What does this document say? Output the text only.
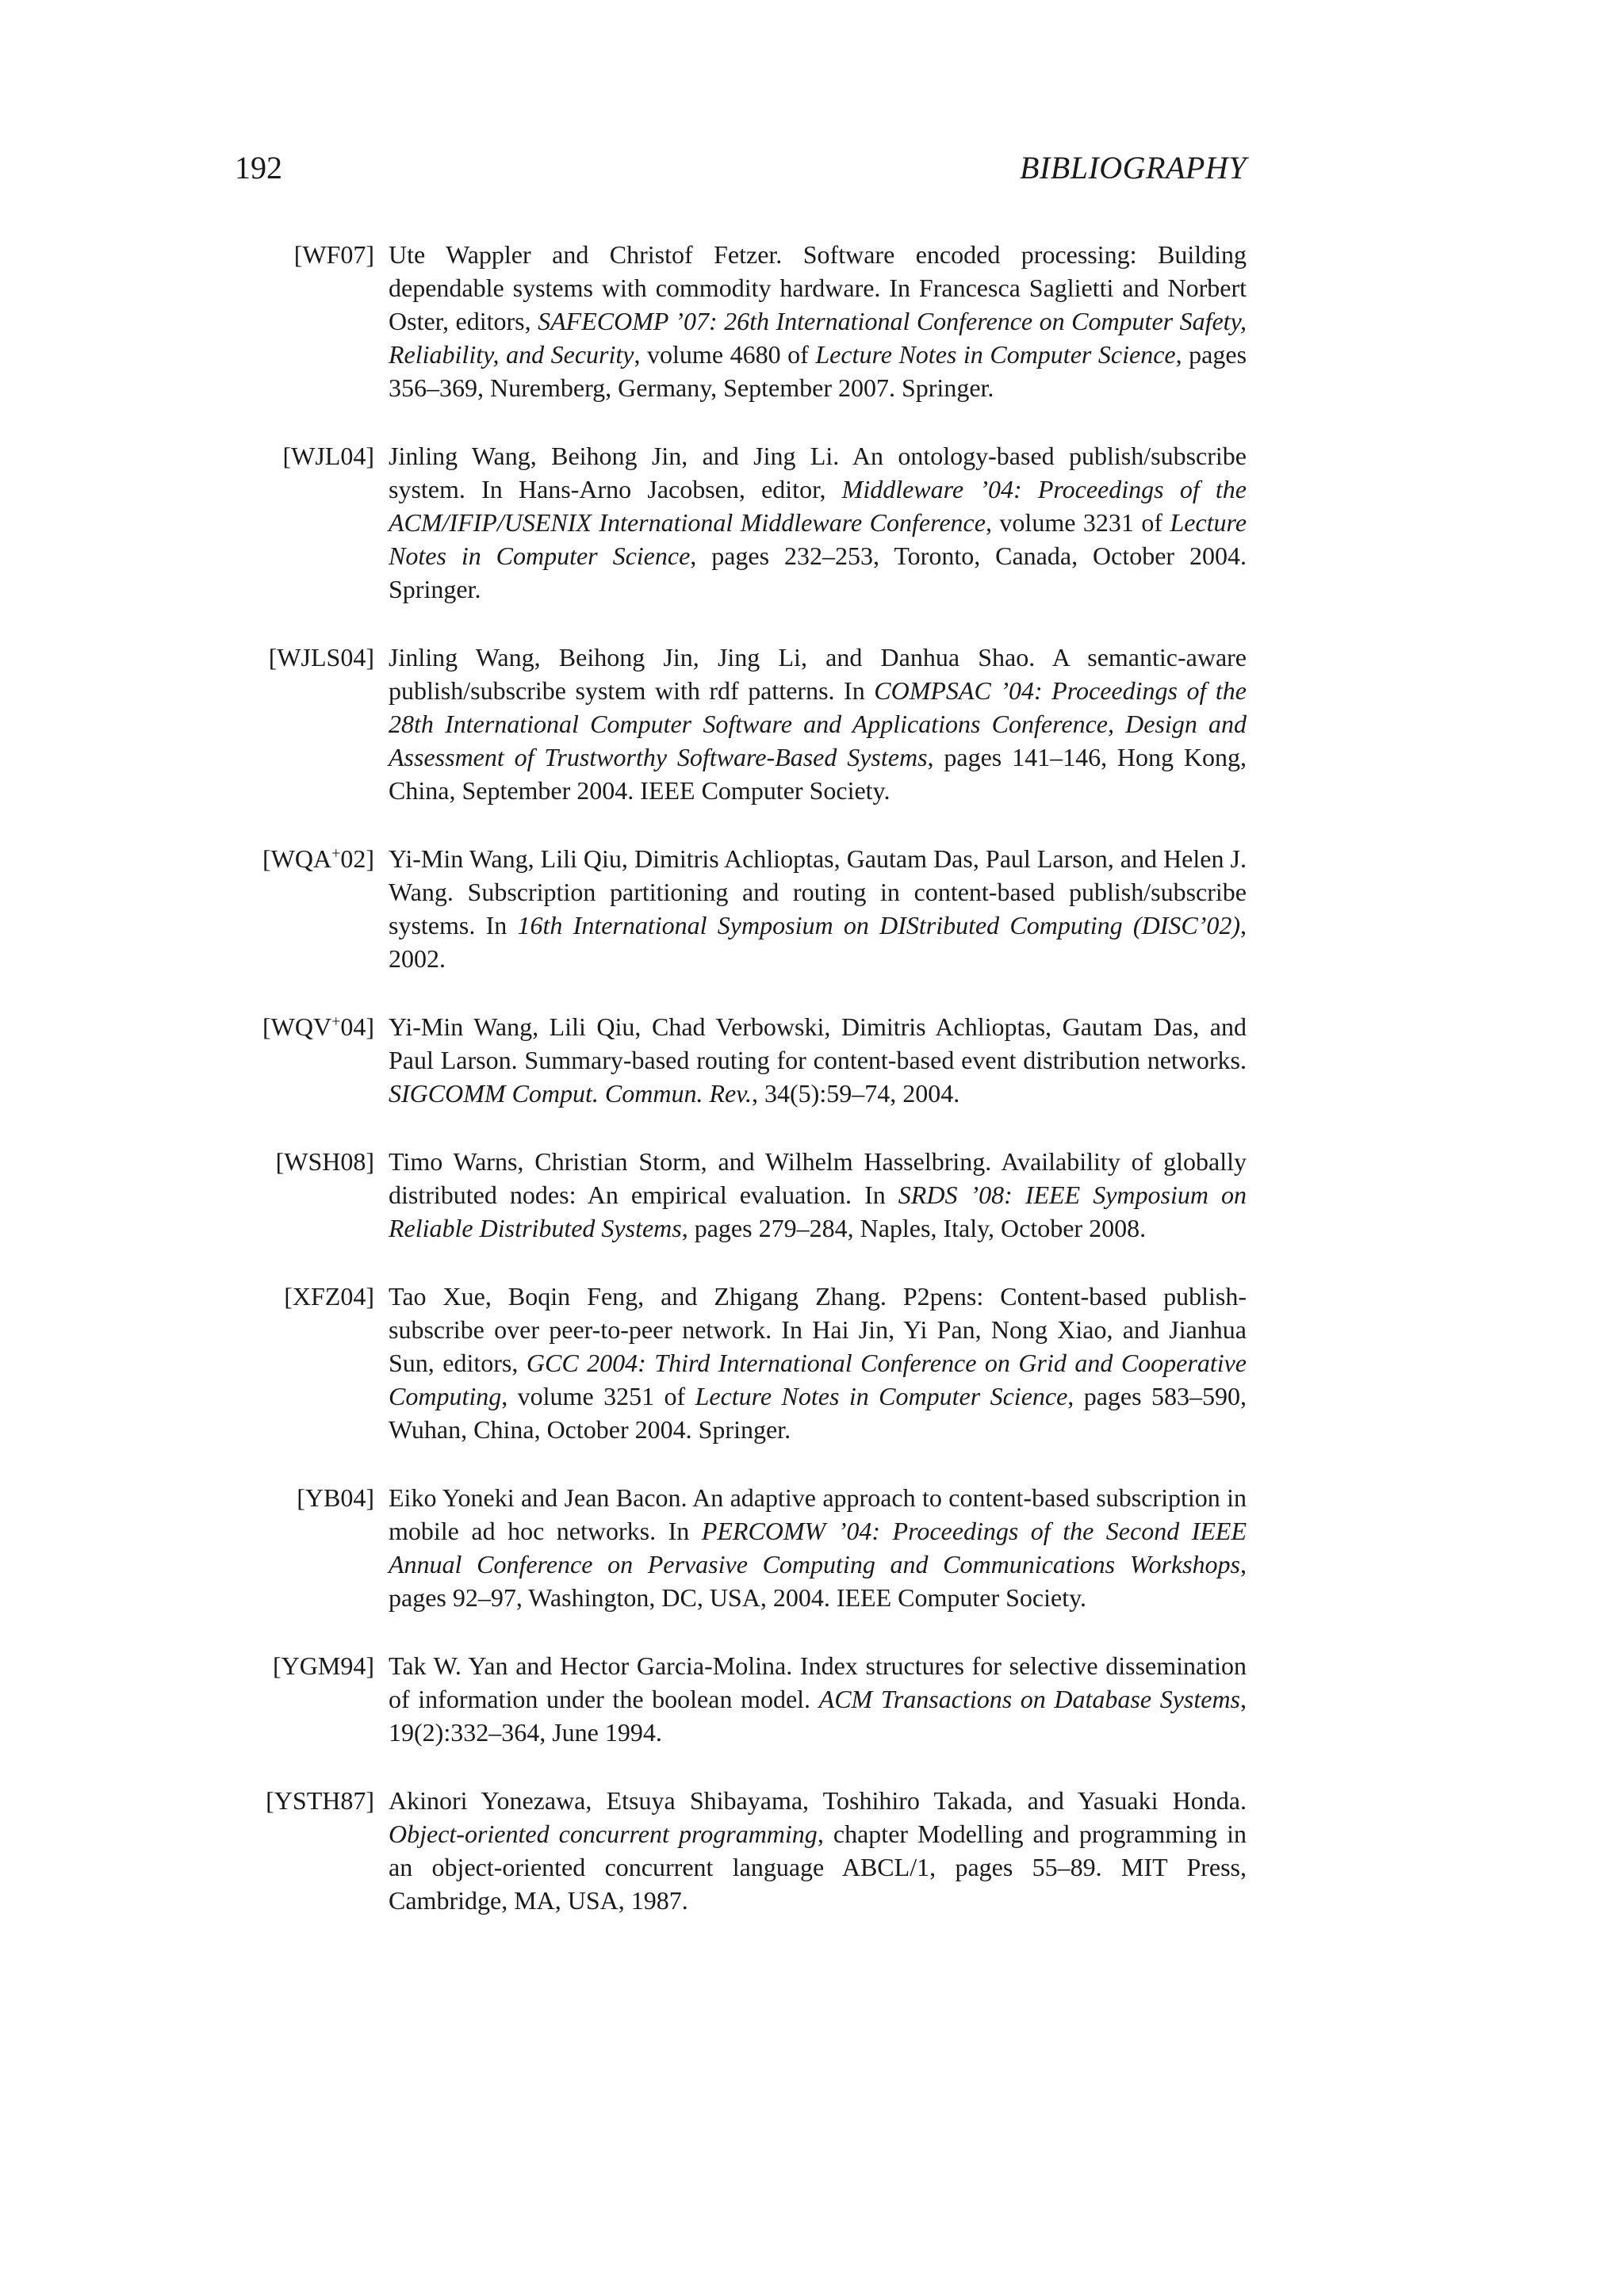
192	BIBLIOGRAPHY
[WF07] Ute Wappler and Christof Fetzer. Software encoded processing: Building dependable systems with commodity hardware. In Francesca Saglietti and Norbert Oster, editors, SAFECOMP ’07: 26th International Conference on Computer Safety, Reliability, and Security, volume 4680 of Lecture Notes in Computer Science, pages 356–369, Nuremberg, Germany, September 2007. Springer.
[WJL04] Jinling Wang, Beihong Jin, and Jing Li. An ontology-based publish/subscribe system. In Hans-Arno Jacobsen, editor, Middleware ’04: Proceedings of the ACM/IFIP/USENIX International Middleware Conference, volume 3231 of Lecture Notes in Computer Science, pages 232–253, Toronto, Canada, October 2004. Springer.
[WJLS04] Jinling Wang, Beihong Jin, Jing Li, and Danhua Shao. A semantic-aware publish/subscribe system with rdf patterns. In COMPSAC ’04: Proceedings of the 28th International Computer Software and Applications Conference, Design and Assessment of Trustworthy Software-Based Systems, pages 141–146, Hong Kong, China, September 2004. IEEE Computer Society.
[WQA+02] Yi-Min Wang, Lili Qiu, Dimitris Achlioptas, Gautam Das, Paul Larson, and Helen J. Wang. Subscription partitioning and routing in content-based publish/subscribe systems. In 16th International Symposium on DIStributed Computing (DISC’02), 2002.
[WQV+04] Yi-Min Wang, Lili Qiu, Chad Verbowski, Dimitris Achlioptas, Gautam Das, and Paul Larson. Summary-based routing for content-based event distribution networks. SIGCOMM Comput. Commun. Rev., 34(5):59–74, 2004.
[WSH08] Timo Warns, Christian Storm, and Wilhelm Hasselbring. Availability of globally distributed nodes: An empirical evaluation. In SRDS ’08: IEEE Symposium on Reliable Distributed Systems, pages 279–284, Naples, Italy, October 2008.
[XFZ04] Tao Xue, Boqin Feng, and Zhigang Zhang. P2pens: Content-based publish-subscribe over peer-to-peer network. In Hai Jin, Yi Pan, Nong Xiao, and Jianhua Sun, editors, GCC 2004: Third International Conference on Grid and Cooperative Computing, volume 3251 of Lecture Notes in Computer Science, pages 583–590, Wuhan, China, October 2004. Springer.
[YB04] Eiko Yoneki and Jean Bacon. An adaptive approach to content-based subscription in mobile ad hoc networks. In PERCOMW ’04: Proceedings of the Second IEEE Annual Conference on Pervasive Computing and Communications Workshops, pages 92–97, Washington, DC, USA, 2004. IEEE Computer Society.
[YGM94] Tak W. Yan and Hector Garcia-Molina. Index structures for selective dissemination of information under the boolean model. ACM Transactions on Database Systems, 19(2):332–364, June 1994.
[YSTH87] Akinori Yonezawa, Etsuya Shibayama, Toshihiro Takada, and Yasuaki Honda. Object-oriented concurrent programming, chapter Modelling and programming in an object-oriented concurrent language ABCL/1, pages 55–89. MIT Press, Cambridge, MA, USA, 1987.
